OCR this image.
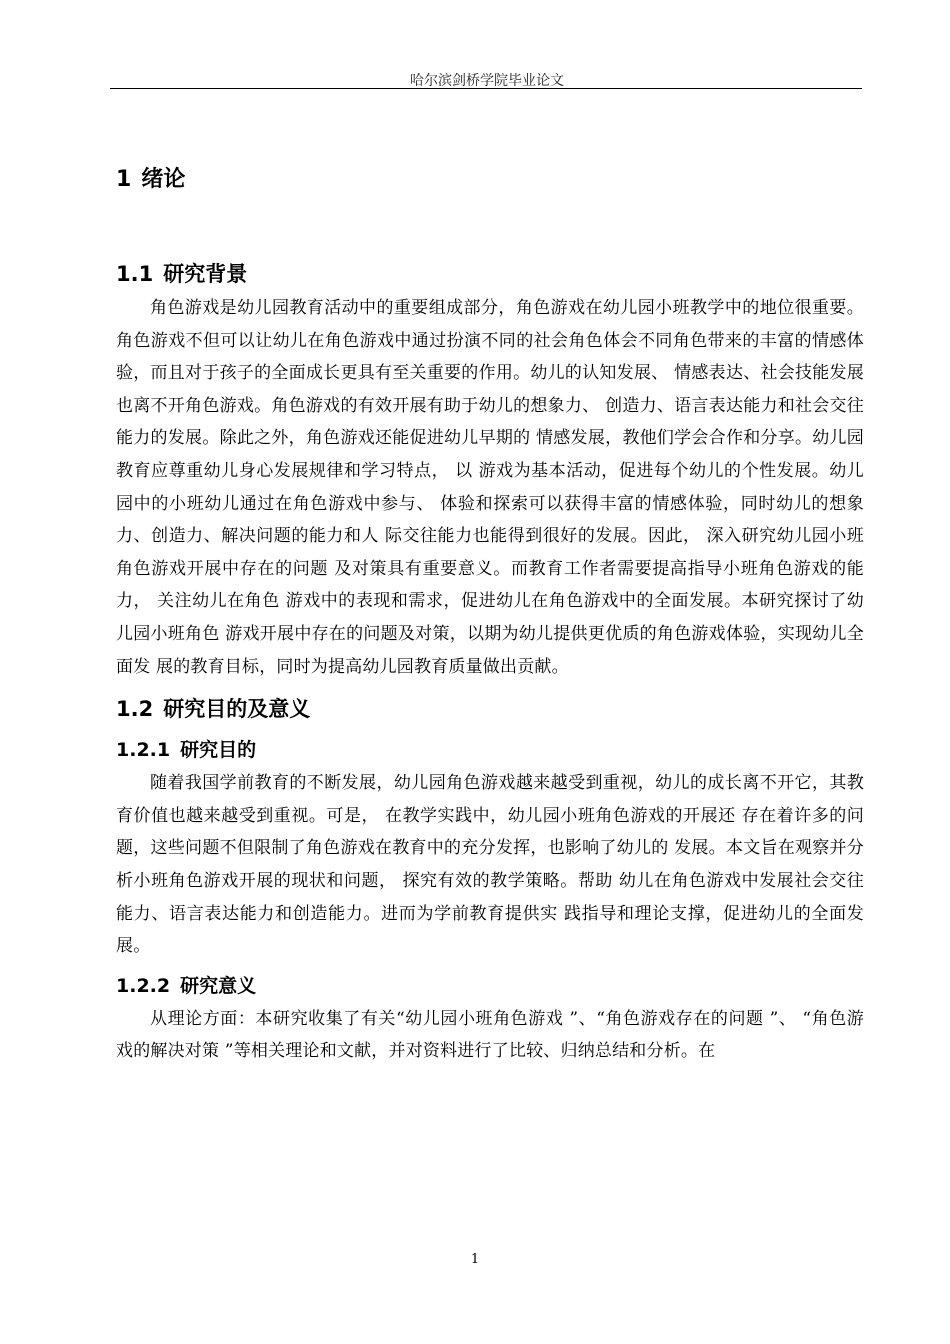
哈尔滨剑桥学院毕业论文
1 绪论
1.1 研究背景

角色游戏是幼儿园教育活动中的重要组成部分，角色游戏在幼儿园小班教学中的地位很重要。角色游戏不但可以让幼儿在角色游戏中通过扮演不同的社会角色体会不同角色带来的丰富的情感体验，而且对于孩子的全面成长更具有至关重要的作用。幼儿的认知发展、 情感表达、社会技能发展也离不开角色游戏。角色游戏的有效开展有助于幼儿的想象力、 创造力、语言表达能力和社会交往能力的发展。除此之外，角色游戏还能促进幼儿早期的 情感发展，教他们学会合作和分享。幼儿园教育应尊重幼儿身心发展规律和学习特点， 以 游戏为基本活动，促进每个幼儿的个性发展。幼儿园中的小班幼儿通过在角色游戏中参与、 体验和探索可以获得丰富的情感体验，同时幼儿的想象力、创造力、解决问题的能力和人 际交往能力也能得到很好的发展。因此， 深入研究幼儿园小班角色游戏开展中存在的问题 及对策具有重要意义。而教育工作者需要提高指导小班角色游戏的能力， 关注幼儿在角色 游戏中的表现和需求，促进幼儿在角色游戏中的全面发展。本研究探讨了幼儿园小班角色 游戏开展中存在的问题及对策，以期为幼儿提供更优质的角色游戏体验，实现幼儿全面发 展的教育目标，同时为提高幼儿园教育质量做出贡献。

1.2 研究目的及意义
1.2.1 研究目的

随着我国学前教育的不断发展，幼儿园角色游戏越来越受到重视，幼儿的成长离不开它，其教育价值也越来越受到重视。可是， 在教学实践中，幼儿园小班角色游戏的开展还 存在着许多的问题，这些问题不但限制了角色游戏在教育中的充分发挥，也影响了幼儿的 发展。本文旨在观察并分析小班角色游戏开展的现状和问题， 探究有效的教学策略。帮助 幼儿在角色游戏中发展社会交往能力、语言表达能力和创造能力。进而为学前教育提供实 践指导和理论支撑，促进幼儿的全面发展。

1.2.2 研究意义

从理论方面：本研究收集了有关“幼儿园小班角色游戏 ”、“角色游戏存在的问题 ”、 “角色游戏的解决对策 ”等相关理论和文献，并对资料进行了比较、归纳总结和分析。在

1
